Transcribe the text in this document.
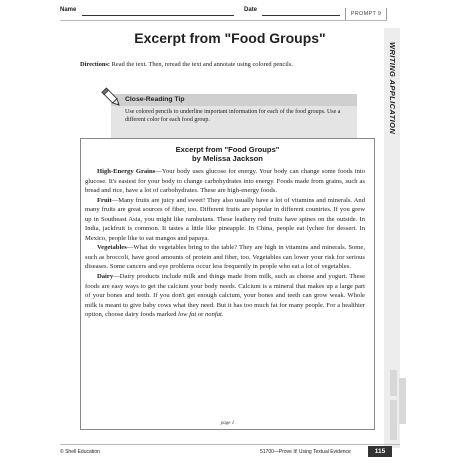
Name	Date
PROMPT 9
WRITING APPLICATION
Excerpt from "Food Groups"
Directions: Read the text. Then, reread the text and annotate using colored pencils.
Close-Reading Tip
Use colored pencils to underline important information for each of the food groups. Use a different color for each food group.
Excerpt from "Food Groups"
by Melissa Jackson

High-Energy Grains—Your body uses glucose for energy. Your body can change some foods into glucose. It's easiest for your body to change carbohydrates into energy. Foods made from grains, such as bread and rice, have a lot of carbohydrates. These are high-energy foods.

Fruit—Many fruits are juicy and sweet! They also usually have a lot of vitamins and minerals. And many fruits are great sources of fiber, too. Different fruits are popular in different countries. If you grew up in Southeast Asia, you might like rambutans. These leathery red fruits have spines on the outside. In India, jackfruit is common. It tastes a little like pineapple. In China, people eat lychee for dessert. In Mexico, people like to eat mangos and papaya.

Vegetables—What do vegetables bring to the table? They are high in vitamins and minerals. Some, such as broccoli, have good amounts of protein and fiber, too. Vegetables can lower your risk for serious diseases. Some cancers and eye problems occur less frequently in people who eat a lot of vegetables.

Dairy—Dairy products include milk and things made from milk, such as cheese and yogurt. These foods are easy ways to get the calcium your body needs. Calcium is a mineral that makes up a large part of your bones and teeth. If you don't get enough calcium, your bones and teeth can grow weak. Whole milk is meant to give baby cows what they need. But it has too much fat for many people. For a healthier option, choose dairy foods marked low fat or nonfat.

page 1
© Shell Education	51700—Prove It! Using Textual Evidence	115
